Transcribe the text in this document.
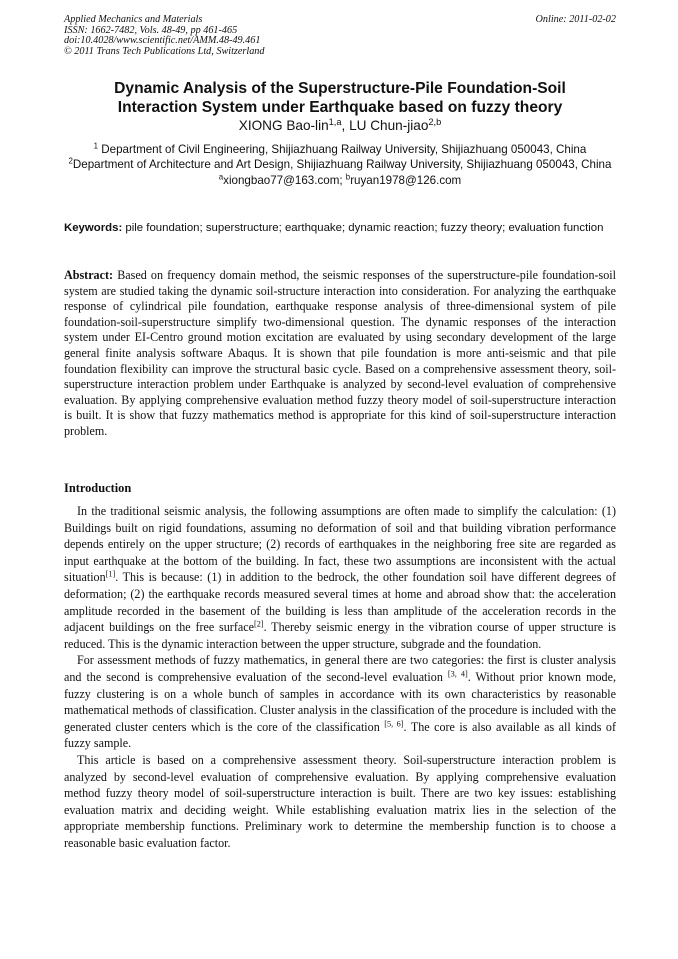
Applied Mechanics and Materials
ISSN: 1662-7482, Vols. 48-49, pp 461-465
doi:10.4028/www.scientific.net/AMM.48-49.461
© 2011 Trans Tech Publications Ltd, Switzerland
Online: 2011-02-02
Dynamic Analysis of the Superstructure-Pile Foundation-Soil
Interaction System under Earthquake based on fuzzy theory
XIONG Bao-lin$^{1,a}$, LU Chun-jiao$^{2,b}$
$^1$ Department of Civil Engineering, Shijiazhuang Railway University, Shijiazhuang 050043, China
$^2$Department of Architecture and Art Design, Shijiazhuang Railway University, Shijiazhuang 050043, China
$^a$xiongbao77@163.com; $^b$ruyan1978@126.com
Keywords: pile foundation; superstructure; earthquake; dynamic reaction; fuzzy theory; evaluation function
Abstract: Based on frequency domain method, the seismic responses of the superstructure-pile foundation-soil system are studied taking the dynamic soil-structure interaction into consideration. For analyzing the earthquake response of cylindrical pile foundation, earthquake response analysis of three-dimensional system of pile foundation-soil-superstructure simplify two-dimensional question. The dynamic responses of the interaction system under EI-Centro ground motion excitation are evaluated by using secondary development of the large general finite analysis software Abaqus. It is shown that pile foundation is more anti-seismic and that pile foundation flexibility can improve the structural basic cycle. Based on a comprehensive assessment theory, soil-superstructure interaction problem under Earthquake is analyzed by second-level evaluation of comprehensive evaluation. By applying comprehensive evaluation method fuzzy theory model of soil-superstructure interaction is built. It is show that fuzzy mathematics method is appropriate for this kind of soil-superstructure interaction problem.
Introduction

In the traditional seismic analysis, the following assumptions are often made to simplify the calculation: (1) Buildings built on rigid foundations, assuming no deformation of soil and that building vibration performance depends entirely on the upper structure; (2) records of earthquakes in the neighboring free site are regarded as input earthquake at the bottom of the building. In fact, these two assumptions are inconsistent with the actual situation[1]. This is because: (1) in addition to the bedrock, the other foundation soil have different degrees of deformation; (2) the earthquake records measured several times at home and abroad show that: the acceleration amplitude recorded in the basement of the building is less than amplitude of the acceleration records in the adjacent buildings on the free surface[2]. Thereby seismic energy in the vibration course of upper structure is reduced. This is the dynamic interaction between the upper structure, subgrade and the foundation.

For assessment methods of fuzzy mathematics, in general there are two categories: the first is cluster analysis and the second is comprehensive evaluation of the second-level evaluation [3, 4]. Without prior known mode, fuzzy clustering is on a whole bunch of samples in accordance with its own characteristics by reasonable mathematical methods of classification. Cluster analysis in the classification of the procedure is included with the generated cluster centers which is the core of the classification [5, 6]. The core is also available as all kinds of fuzzy sample.

This article is based on a comprehensive assessment theory. Soil-superstructure interaction problem is analyzed by second-level evaluation of comprehensive evaluation. By applying comprehensive evaluation method fuzzy theory model of soil-superstructure interaction is built. There are two key issues: establishing evaluation matrix and deciding weight. While establishing evaluation matrix lies in the selection of the appropriate membership functions. Preliminary work to determine the membership function is to choose a reasonable basic evaluation factor.
